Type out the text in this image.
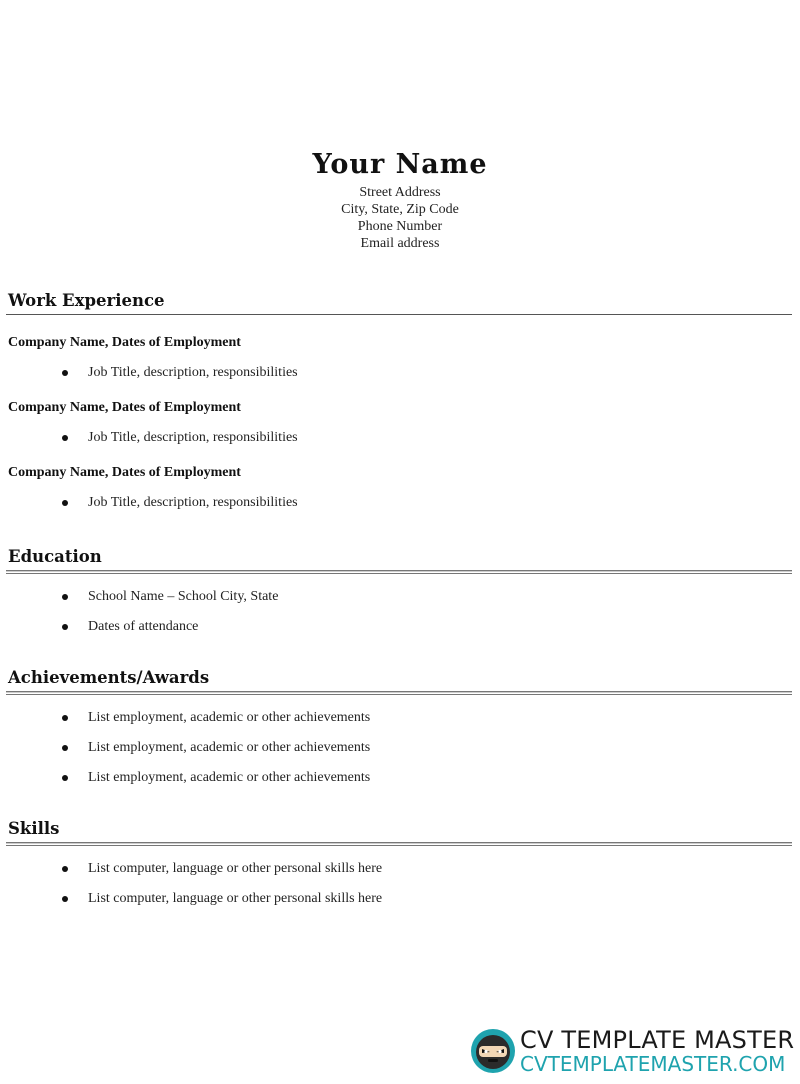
Your Name
Street Address
City, State, Zip Code
Phone Number
Email address
Work Experience
Company Name, Dates of Employment
Job Title, description, responsibilities
Company Name, Dates of Employment
Job Title, description, responsibilities
Company Name, Dates of Employment
Job Title, description, responsibilities
Education
School Name – School City, State
Dates of attendance
Achievements/Awards
List employment, academic or other achievements
List employment, academic or other achievements
List employment, academic or other achievements
Skills
List computer, language or other personal skills here
List computer, language or other personal skills here
CV TEMPLATE MASTER
CVTEMPLATEMASTER.COM
